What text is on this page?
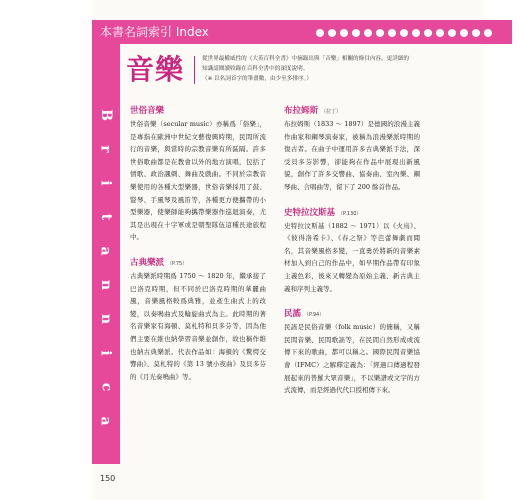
本書名詞索引 Index
B
r
i
t
a
n
n
i
c
a
音樂	從世界最權威性的《大英百科全書》中摘錄出與「音樂」相關的條目內容，更詳細的知識請閱讀收錄在百科全書中的深度說明。

（※ 以名詞首字的筆畫數，由少至多排序。）

世俗音樂

世俗音樂（secular music）亦稱爲「俗樂」，是專指在歐洲中世紀文藝復興時期，民間所流行的音樂，與當時的宗教音樂有所區隔。許多世俗歌曲都是在教會以外的地方演唱，包括了情歌、政治諷刺、舞曲及戲曲。不同於宗教音樂使用的各種大型樂器，世俗音樂採用了鼓、豎琴、手風琴及風笛等，各種更方便攜帶的小型樂器，使樂師能夠攜帶樂器作巡迴演奏，尤其是出現在十字軍或是朝聖隊伍這種長途旅程中。

古典樂派 （P.75）

古典樂派時期爲 1750 ～ 1820 年，繼承接了巴洛克時期，但不同於巴洛克時期的華麗曲風，音樂風格較爲典雅，並產生曲式上的改變，以奏鳴曲式及輪旋曲式為主。此時期的著名音樂家有海頓、莫札特和貝多芬等，因為他們主要在維也納學習音樂並創作，故也稱作維也納古典樂派。代表作品如：海頓的《驚愕交響曲》、莫札特的《第 13 號小夜曲》及貝多芬的《月光奏鳴曲》等。

布拉姆斯 （拉丁）

布拉姆斯（1833 ～ 1897）是德國的浪漫主義作曲家和鋼琴演奏家，被稱為浪漫樂派時期的復古者。在曲子中運用許多古典樂派手法，深受貝多芬影響，卻能夠在作品中展現出新風貌，創作了許多交響曲、協奏曲、室內樂、鋼琴曲、合唱曲等，留下了 200 餘首作品。

史特拉汶斯基 （P.130）

史特拉汶斯基（1882 ～ 1971）以《火鳥》、《彼得洛希卡》、《春之祭》等芭蕾舞劇而聞名，其音樂風格多變，一直勇於將新的音樂素材加入到自己的作品中，如早期作品帶有印象主義色彩，後來又轉變為原始主義、新古典主義和序列主義等。

民謠 （P.94）

民謠是民俗音樂（folk music）的簡稱，又稱民間音樂、民間歌謠等，在民間自然形成或流傳下來的歌曲，都可以稱之。國際民間音樂協會（IFMC）之解釋定義為：「經過口傳過程發展起來的普羅大眾音樂」，不以樂譜或文字的方式流傳，而是經過代代口授相傳下來。

150
